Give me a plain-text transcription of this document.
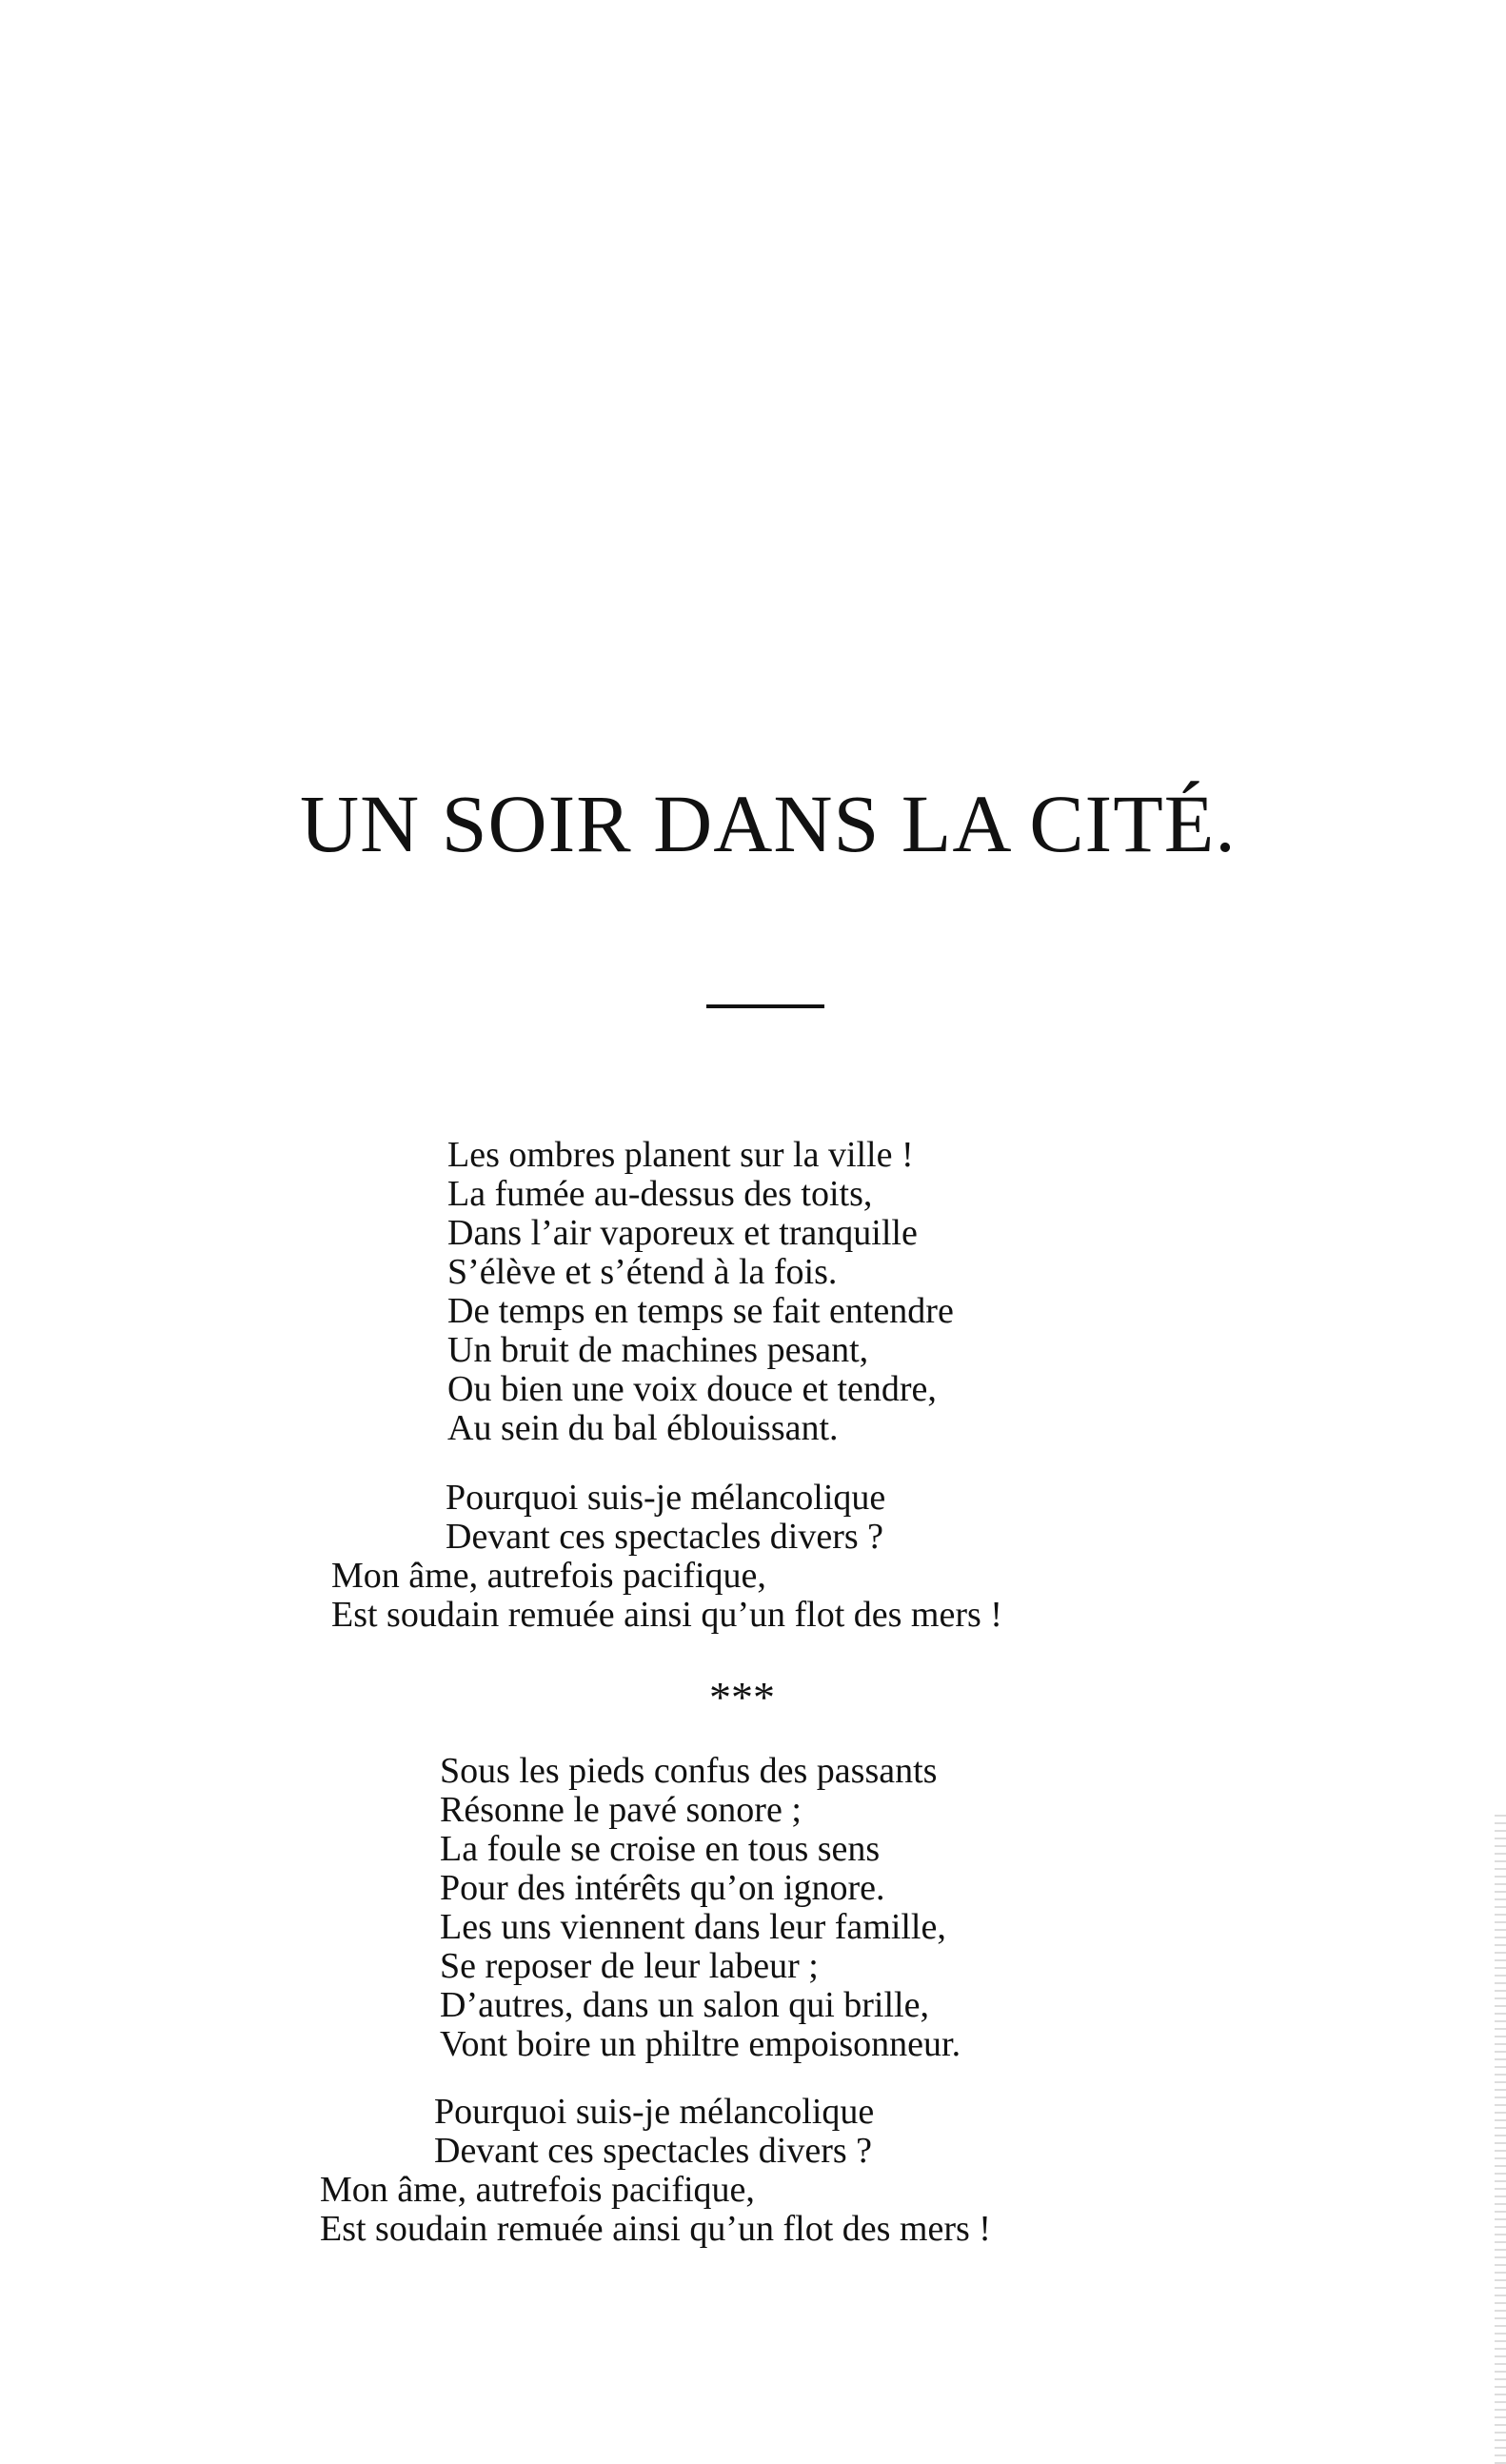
UN SOIR DANS LA CITÉ.
Les ombres planent sur la ville !
La fumée au-dessus des toits,
Dans l’air vaporeux et tranquille
S’élève et s’étend à la fois.
De temps en temps se fait entendre
Un bruit de machines pesant,
Ou bien une voix douce et tendre,
Au sein du bal éblouissant.
Pourquoi suis-je mélancolique
Devant ces spectacles divers ?
Mon âme, autrefois pacifique,
Est soudain remuée ainsi qu’un flot des mers !
***
Sous les pieds confus des passants
Résonne le pavé sonore ;
La foule se croise en tous sens
Pour des intérêts qu’on ignore.
Les uns viennent dans leur famille,
Se reposer de leur labeur ;
D’autres, dans un salon qui brille,
Vont boire un philtre empoisonneur.
Pourquoi suis-je mélancolique
Devant ces spectacles divers ?
Mon âme, autrefois pacifique,
Est soudain remuée ainsi qu’un flot des mers !
